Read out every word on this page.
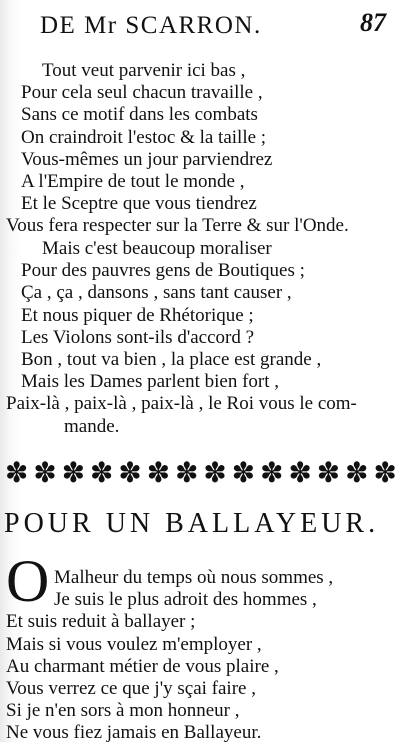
DE Mr SCARRON.	87
Tout veut parvenir ici bas ,
Pour cela seul chacun travaille ,
Sans ce motif dans les combats
On craindroit l'estoc & la taille ;
Vous-mêmes un jour parviendrez
A l'Empire de tout le monde ,
Et le Sceptre que vous tiendrez
Vous fera respecter sur la Terre & sur l'Onde.
Mais c'est beaucoup moraliser
Pour des pauvres gens de Boutiques ;
Ça , ça , dansons , sans tant causer ,
Et nous piquer de Rhétorique ;
Les Violons sont-ils d'accord ?
Bon , tout va bien , la place est grande ,
Mais les Dames parlent bien fort ,
Paix-là , paix-là , paix-là , le Roi vous le com-
mande.
✽ ✽ ✽ ✽ ✽ ✽ ✽ ✽ ✽ ✽ ✽ ✽ ✽ ✽
POUR UN BALLAYEUR.
O Malheur du temps où nous sommes ,
Je suis le plus adroit des hommes ,
Et suis reduit à ballayer ;
Mais si vous voulez m'employer ,
Au charmant métier de vous plaire ,
Vous verrez ce que j'y sçai faire ,
Si je n'en sors à mon honneur ,
Ne vous fiez jamais en Ballayeur.
